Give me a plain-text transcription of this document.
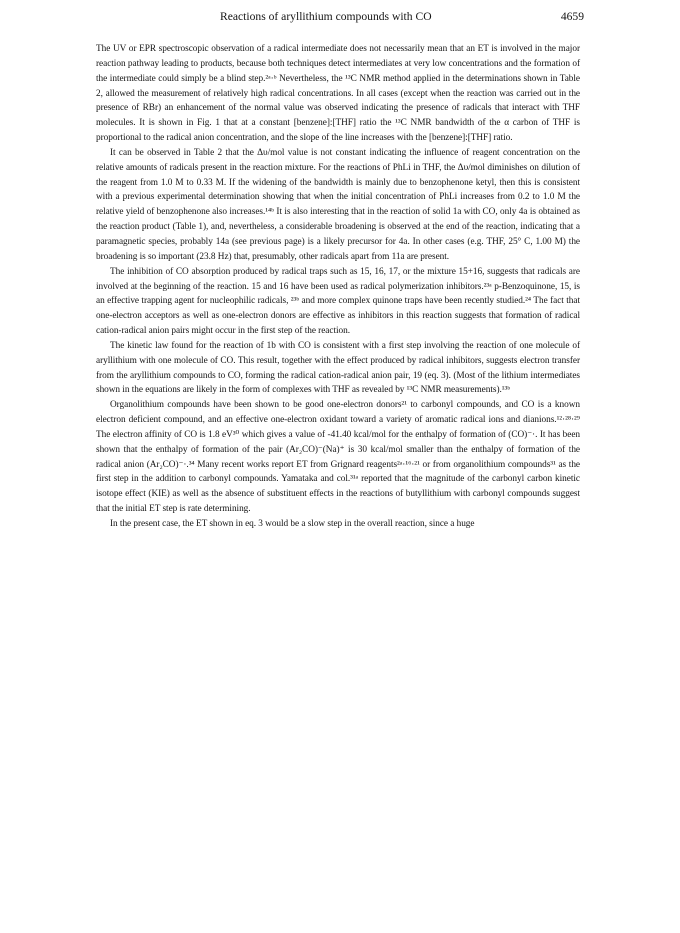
Reactions of aryllithium compounds with CO	4659

The UV or EPR spectroscopic observation of a radical intermediate does not necessarily mean that an ET is involved in the major reaction pathway leading to products, because both techniques detect intermediates at very low concentrations and the formation of the intermediate could simply be a blind step.²ᵃ·ᵇ Nevertheless, the ¹³C NMR method applied in the determinations shown in Table 2, allowed the measurement of relatively high radical concentrations. In all cases (except when the reaction was carried out in the presence of RBr) an enhancement of the normal value was observed indicating the presence of radicals that interact with THF molecules. It is shown in Fig. 1 that at a constant [benzene]:[THF] ratio the ¹³C NMR bandwidth of the α carbon of THF is proportional to the radical anion concentration, and the slope of the line increases with the [benzene]:[THF] ratio.

It can be observed in Table 2 that the Δυ/mol value is not constant indicating the influence of reagent concentration on the relative amounts of radicals present in the reaction mixture. For the reactions of PhLi in THF, the Δυ/mol diminishes on dilution of the reagent from 1.0 M to 0.33 M. If the widening of the bandwidth is mainly due to benzophenone ketyl, then this is consistent with a previous experimental determination showing that when the initial concentration of PhLi increases from 0.2 to 1.0 M the relative yield of benzophenone also increases.¹⁴ᵇ It is also interesting that in the reaction of solid 1a with CO, only 4a is obtained as the reaction product (Table 1), and, nevertheless, a considerable broadening is observed at the end of the reaction, indicating that a paramagnetic species, probably 14a (see previous page) is a likely precursor for 4a. In other cases (e.g. THF, 25° C, 1.00 M) the broadening is so important (23.8 Hz) that, presumably, other radicals apart from 11a are present.

The inhibition of CO absorption produced by radical traps such as 15, 16, 17, or the mixture 15+16, suggests that radicals are involved at the beginning of the reaction. 15 and 16 have been used as radical polymerization inhibitors.²³ᵃ p-Benzoquinone, 15, is an effective trapping agent for nucleophilic radicals, ²³ᵇ and more complex quinone traps have been recently studied.²⁴ The fact that one-electron acceptors as well as one-electron donors are effective as inhibitors in this reaction suggests that formation of radical cation-radical anion pairs might occur in the first step of the reaction.

The kinetic law found for the reaction of 1b with CO is consistent with a first step involving the reaction of one molecule of aryllithium with one molecule of CO. This result, together with the effect produced by radical inhibitors, suggests electron transfer from the aryllithium compounds to CO, forming the radical cation-radical anion pair, 19 (eq. 3). (Most of the lithium intermediates shown in the equations are likely in the form of complexes with THF as revealed by ¹³C NMR measurements).¹³ᵇ

Organolithium compounds have been shown to be good one-electron donors²¹ to carbonyl compounds, and CO is a known electron deficient compound, and an effective one-electron oxidant toward a variety of aromatic radical ions and dianions.¹²·²⁸·²⁹ The electron affinity of CO is 1.8 eV³⁰ which gives a value of -41.40 kcal/mol for the enthalpy of formation of (CO)⁻·. It has been shown that the enthalpy of formation of the pair (Ar₂CO)⁻(Na)⁺ is 30 kcal/mol smaller than the enthalpy of formation of the radical anion (Ar₂CO)⁻·.³⁴ Many recent works report ET from Grignard reagents²ᵃ·¹⁶·²¹ or from organolithium compounds³¹ as the first step in the addition to carbonyl compounds. Yamataka and col.³¹ᵃ reported that the magnitude of the carbonyl carbon kinetic isotope effect (KIE) as well as the absence of substituent effects in the reactions of butyllithium with carbonyl compounds suggest that the initial ET step is rate determining.

In the present case, the ET shown in eq. 3 would be a slow step in the overall reaction, since a huge
